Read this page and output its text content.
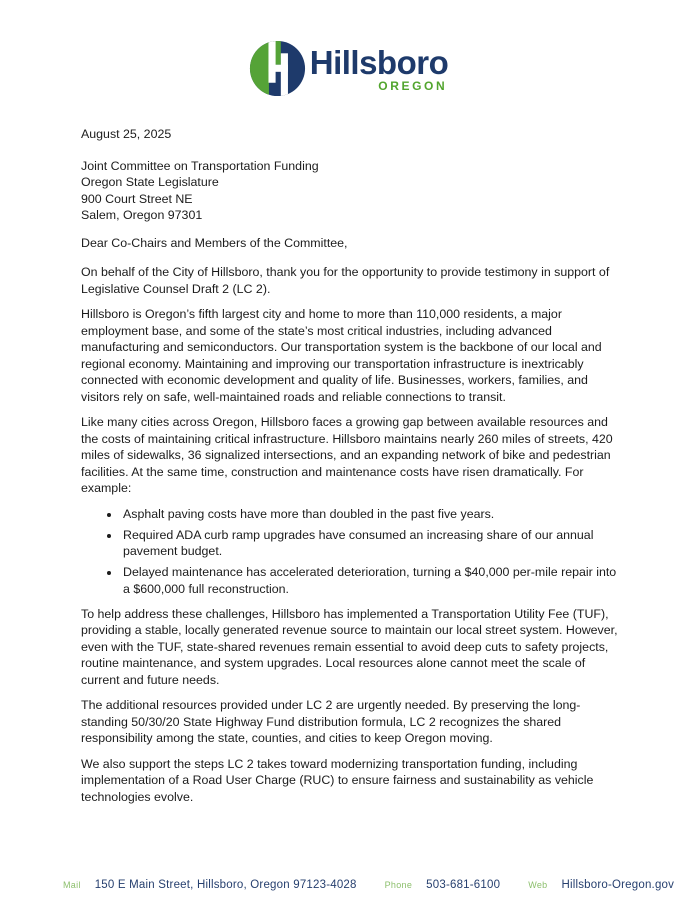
Hillsboro
OREGON

August 25, 2025

Joint Committee on Transportation Funding
Oregon State Legislature
900 Court Street NE
Salem, Oregon 97301

Dear Co-Chairs and Members of the Committee,

On behalf of the City of Hillsboro, thank you for the opportunity to provide testimony in support of Legislative Counsel Draft 2 (LC 2).

Hillsboro is Oregon’s fifth largest city and home to more than 110,000 residents, a major employment base, and some of the state’s most critical industries, including advanced manufacturing and semiconductors. Our transportation system is the backbone of our local and regional economy. Maintaining and improving our transportation infrastructure is inextricably connected with economic development and quality of life. Businesses, workers, families, and visitors rely on safe, well-maintained roads and reliable connections to transit.

Like many cities across Oregon, Hillsboro faces a growing gap between available resources and the costs of maintaining critical infrastructure. Hillsboro maintains nearly 260 miles of streets, 420 miles of sidewalks, 36 signalized intersections, and an expanding network of bike and pedestrian facilities. At the same time, construction and maintenance costs have risen dramatically. For example:

• Asphalt paving costs have more than doubled in the past five years.
• Required ADA curb ramp upgrades have consumed an increasing share of our annual pavement budget.
• Delayed maintenance has accelerated deterioration, turning a $40,000 per-mile repair into a $600,000 full reconstruction.

To help address these challenges, Hillsboro has implemented a Transportation Utility Fee (TUF), providing a stable, locally generated revenue source to maintain our local street system. However, even with the TUF, state-shared revenues remain essential to avoid deep cuts to safety projects, routine maintenance, and system upgrades. Local resources alone cannot meet the scale of current and future needs.

The additional resources provided under LC 2 are urgently needed. By preserving the long-standing 50/30/20 State Highway Fund distribution formula, LC 2 recognizes the shared responsibility among the state, counties, and cities to keep Oregon moving.

We also support the steps LC 2 takes toward modernizing transportation funding, including implementation of a Road User Charge (RUC) to ensure fairness and sustainability as vehicle technologies evolve.

Mail 150 E Main Street, Hillsboro, Oregon 97123-4028	Phone 503-681-6100	Web Hillsboro-Oregon.gov
